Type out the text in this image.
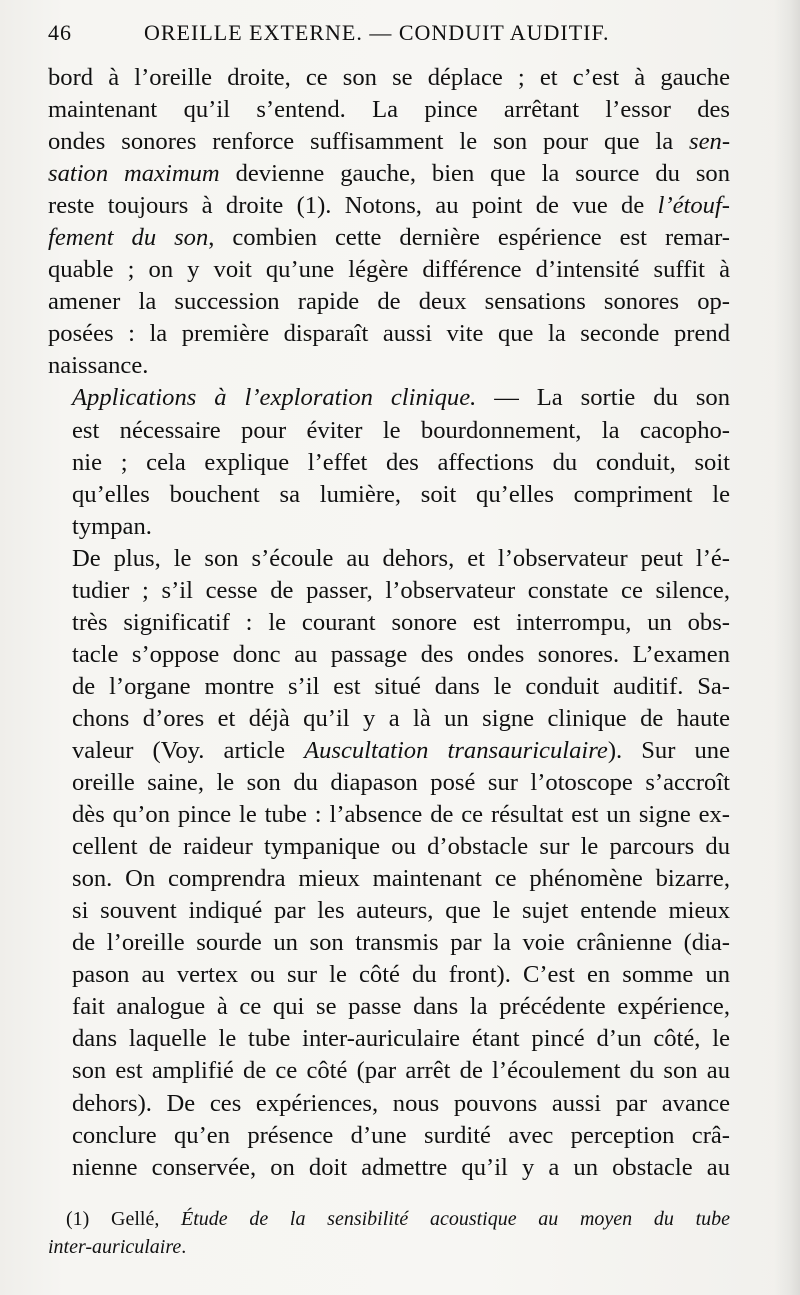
46	OREILLE EXTERNE. — CONDUIT AUDITIF.
bord à l’oreille droite, ce son se déplace ; et c’est à gauche
maintenant qu’il s’entend. La pince arrêtant l’essor des
ondes sonores renforce suffisamment le son pour que la sen-
sation maximum devienne gauche, bien que la source du son
reste toujours à droite (1). Notons, au point de vue de l’étouf-
fement du son, combien cette dernière espérience est remar-
quable ; on y voit qu’une légère différence d’intensité suffit à
amener la succession rapide de deux sensations sonores op-
posées : la première disparaît aussi vite que la seconde prend
naissance.
Applications à l’exploration clinique. — La sortie du son
est nécessaire pour éviter le bourdonnement, la cacopho-
nie ; cela explique l’effet des affections du conduit, soit
qu’elles bouchent sa lumière, soit qu’elles compriment le
tympan.
De plus, le son s’écoule au dehors, et l’observateur peut l’é-
tudier ; s’il cesse de passer, l’observateur constate ce silence,
très significatif : le courant sonore est interrompu, un obs-
tacle s’oppose donc au passage des ondes sonores. L’examen
de l’organe montre s’il est situé dans le conduit auditif. Sa-
chons d’ores et déjà qu’il y a là un signe clinique de haute
valeur (Voy. article Auscultation transauriculaire). Sur une
oreille saine, le son du diapason posé sur l’otoscope s’accroît
dès qu’on pince le tube : l’absence de ce résultat est un signe ex-
cellent de raideur tympanique ou d’obstacle sur le parcours du
son. On comprendra mieux maintenant ce phénomène bizarre,
si souvent indiqué par les auteurs, que le sujet entende mieux
de l’oreille sourde un son transmis par la voie crânienne (dia-
pason au vertex ou sur le côté du front). C’est en somme un
fait analogue à ce qui se passe dans la précédente expérience,
dans laquelle le tube inter-auriculaire étant pincé d’un côté, le
son est amplifié de ce côté (par arrêt de l’écoulement du son au
dehors). De ces expériences, nous pouvons aussi par avance
conclure qu’en présence d’une surdité avec perception crâ-
nienne conservée, on doit admettre qu’il y a un obstacle au
(1) Gellé, Étude de la sensibilité acoustique au moyen du tube
inter-auriculaire.
